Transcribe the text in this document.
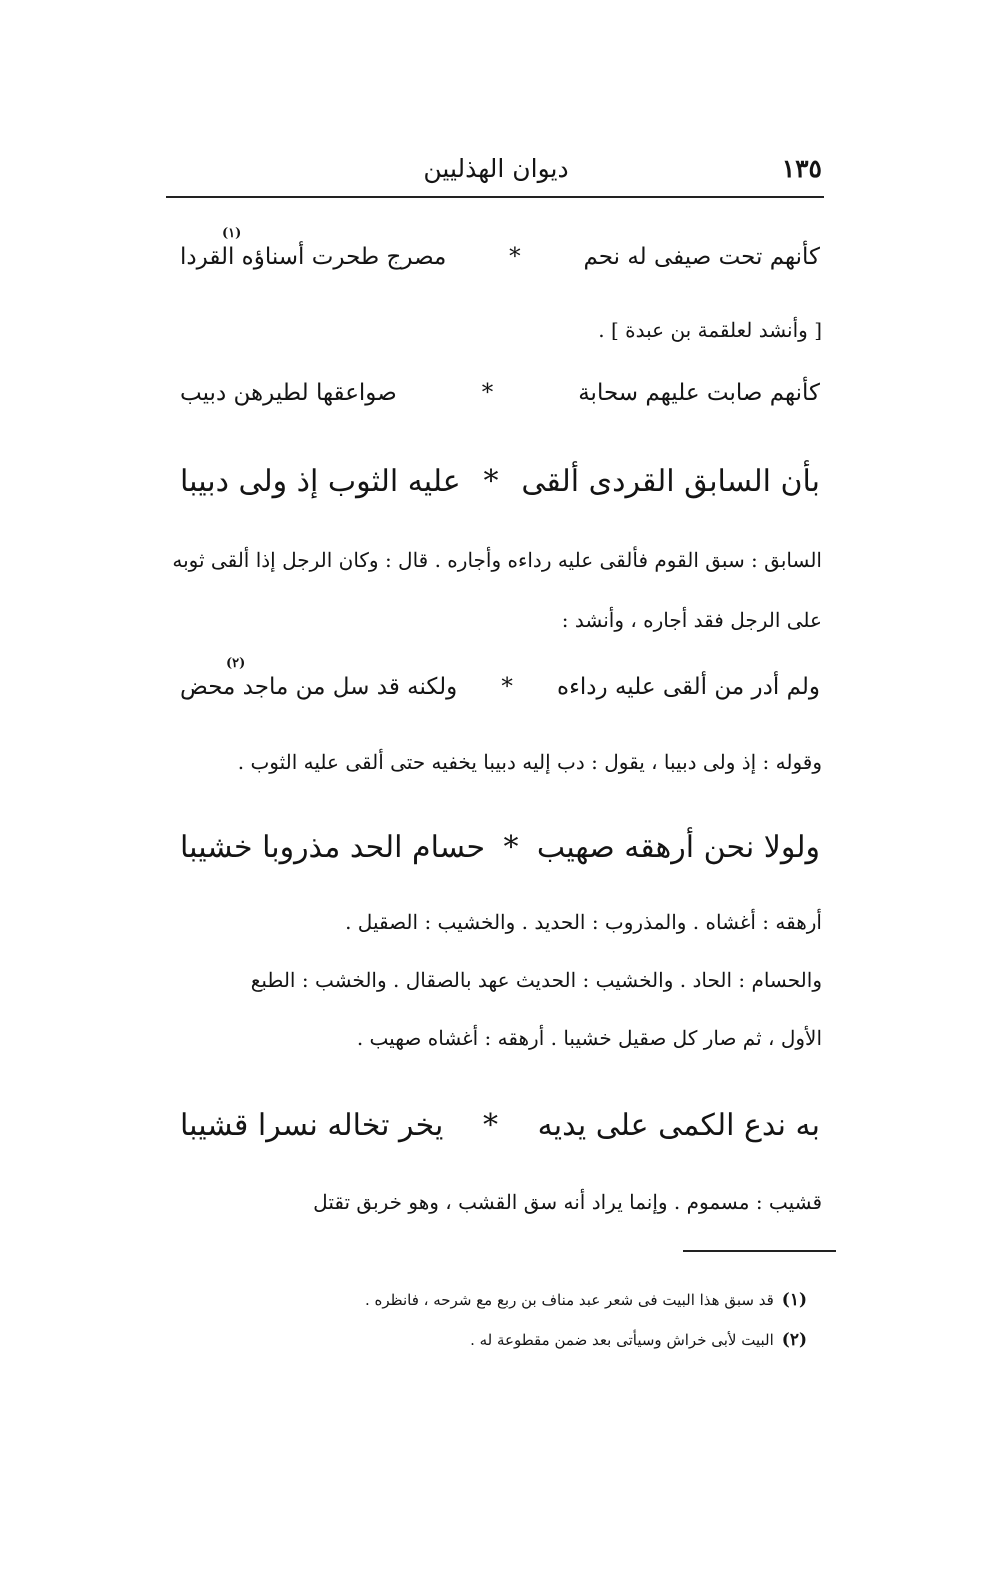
١٣٥
ديوان الهذليين
(١)
كأنهم تحت صيفى له نحم
*
مصرج طحرت أسناؤه القردا
[ وأنشد لعلقمة بن عبدة ] .
كأنهم صابت عليهم سحابة
*
صواعقها لطيرهن دبيب
بأن السابق القردى ألقى
*
عليه الثوب إذ ولى دبيبا
السابق : سبق القوم فألقى عليه رداءه وأجاره . قال : وكان الرجل إذا ألقى ثوبه
على الرجل فقد أجاره ، وأنشد :
(٢)
ولم أدر من ألقى عليه رداءه
*
ولكنه قد سل من ماجد محض
وقوله : إذ ولى دبيبا ، يقول : دب إليه دبيبا يخفيه حتى ألقى عليه الثوب .
ولولا نحن أرهقه صهيب
*
حسام الحد مذروبا خشيبا
أرهقه : أغشاه . والمذروب : الحديد . والخشيب : الصقيل .
والحسام : الحاد . والخشيب : الحديث عهد بالصقال . والخشب : الطبع
الأول ، ثم صار كل صقيل خشيبا . أرهقه : أغشاه صهيب .
به ندع الكمى على يديه
*
يخر تخاله نسرا قشيبا
قشيب : مسموم . وإنما يراد أنه سق القشب ، وهو خربق تقتل
(١)قد سبق هذا البيت فى شعر عبد مناف بن ربع مع شرحه ، فانظره .
(٢)البيت لأبى خراش وسيأتى بعد ضمن مقطوعة له .
